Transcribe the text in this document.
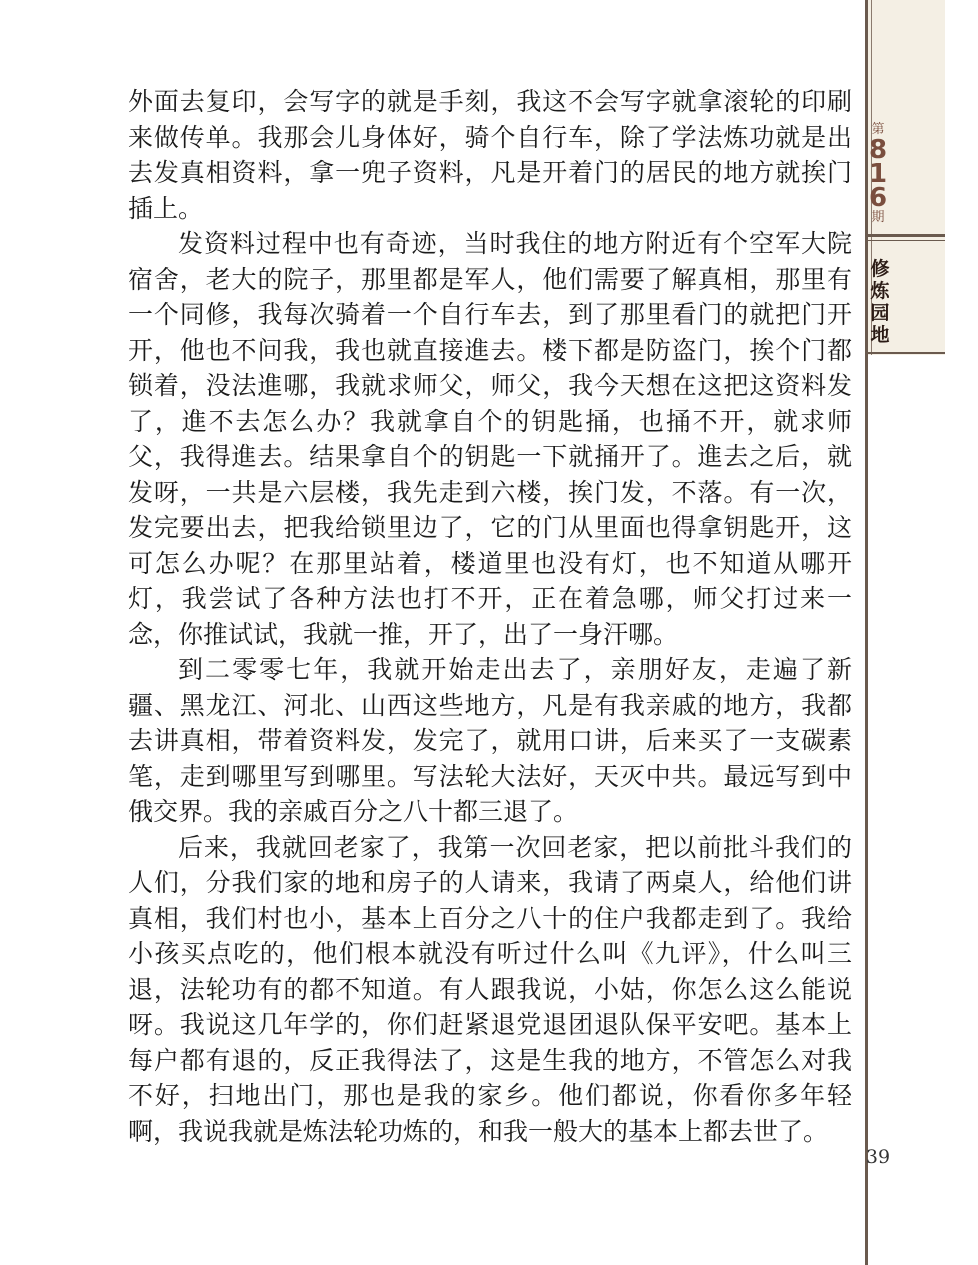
第
8
1
6
期
修
炼
园
地

外面去复印，会写字的就是手刻，我这不会写字就拿滚轮的印刷来做传单。我那会儿身体好，骑个自行车，除了学法炼功就是出去发真相资料，拿一兜子资料，凡是开着门的居民的地方就挨门插上。

发资料过程中也有奇迹，当时我住的地方附近有个空军大院宿舍，老大的院子，那里都是军人，他们需要了解真相，那里有一个同修，我每次骑着一个自行车去，到了那里看门的就把门开开，他也不问我，我也就直接進去。楼下都是防盗门，挨个门都锁着，没法進哪，我就求师父，师父，我今天想在这把这资料发了，進不去怎么办？我就拿自个的钥匙捅，也捅不开，就求师父，我得進去。结果拿自个的钥匙一下就捅开了。進去之后，就发呀，一共是六层楼，我先走到六楼，挨门发，不落。有一次，发完要出去，把我给锁里边了，它的门从里面也得拿钥匙开，这可怎么办呢？在那里站着，楼道里也没有灯，也不知道从哪开灯，我尝试了各种方法也打不开，正在着急哪，师父打过来一念，你推试试，我就一推，开了，出了一身汗哪。

到二零零七年，我就开始走出去了，亲朋好友，走遍了新疆、黑龙江、河北、山西这些地方，凡是有我亲戚的地方，我都去讲真相，带着资料发，发完了，就用口讲，后来买了一支碳素笔，走到哪里写到哪里。写法轮大法好，天灭中共。最远写到中俄交界。我的亲戚百分之八十都三退了。

后来，我就回老家了，我第一次回老家，把以前批斗我们的人们，分我们家的地和房子的人请来，我请了两桌人，给他们讲真相，我们村也小，基本上百分之八十的住户我都走到了。我给小孩买点吃的，他们根本就没有听过什么叫《九评》，什么叫三退，法轮功有的都不知道。有人跟我说，小姑，你怎么这么能说呀。我说这几年学的，你们赶紧退党退团退队保平安吧。基本上每户都有退的，反正我得法了，这是生我的地方，不管怎么对我不好，扫地出门，那也是我的家乡。他们都说，你看你多年轻啊，我说我就是炼法轮功炼的，和我一般大的基本上都去世了。

39
